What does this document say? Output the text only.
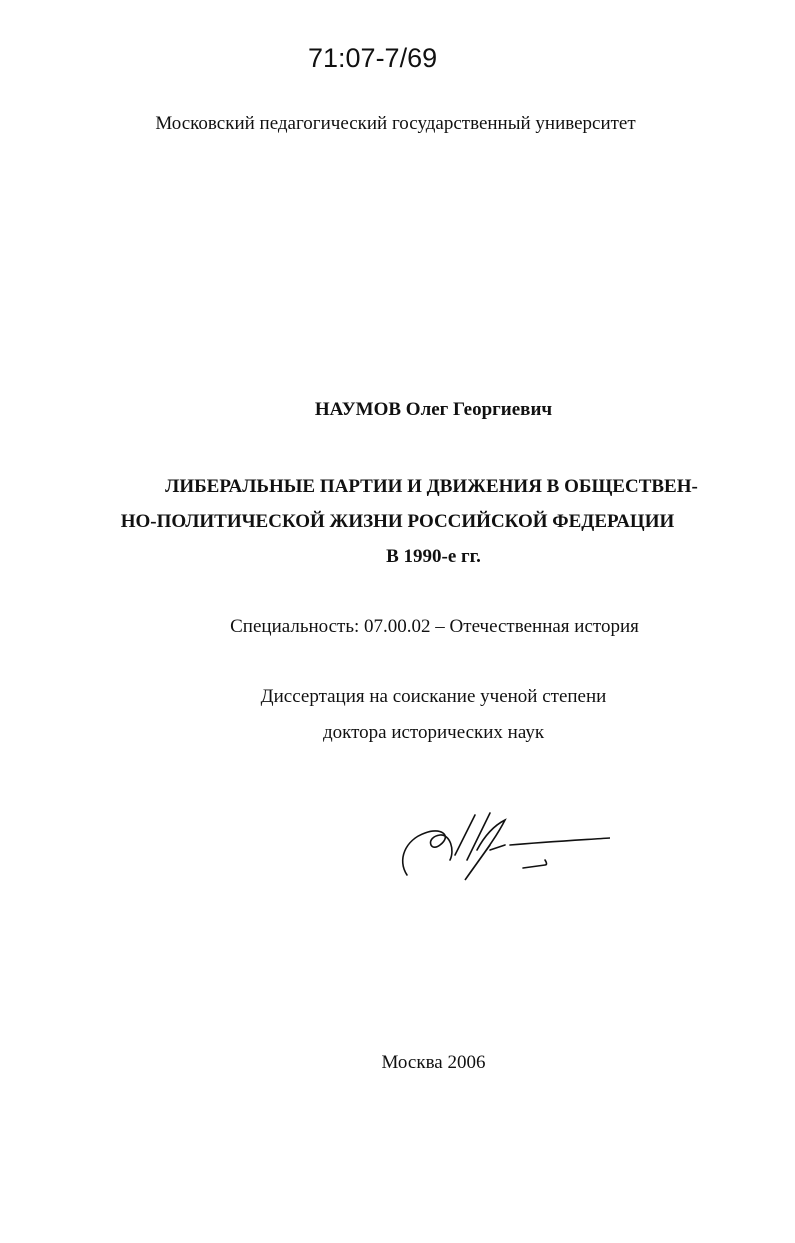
71:07-7/69
Московский педагогический государственный университет
НАУМОВ Олег Георгиевич
ЛИБЕРАЛЬНЫЕ ПАРТИИ И ДВИЖЕНИЯ В ОБЩЕСТВЕН-
НО-ПОЛИТИЧЕСКОЙ ЖИЗНИ РОССИЙСКОЙ ФЕДЕРАЦИИ
В 1990-е гг.
Специальность: 07.00.02 – Отечественная история
Диссертация на соискание ученой степени
доктора исторических наук
Москва 2006
